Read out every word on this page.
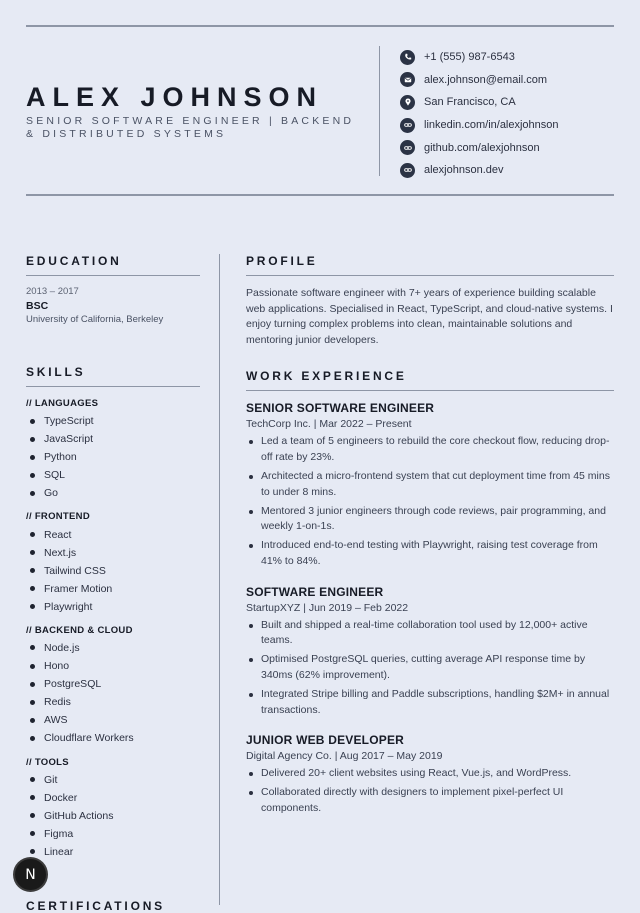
ALEX JOHNSON
SENIOR SOFTWARE ENGINEER | BACKEND & DISTRIBUTED SYSTEMS
+1 (555) 987-6543
alex.johnson@email.com
San Francisco, CA
linkedin.com/in/alexjohnson
github.com/alexjohnson
alexjohnson.dev
EDUCATION
2013 – 2017
BSC
University of California, Berkeley
SKILLS
// LANGUAGES
TypeScript
JavaScript
Python
SQL
Go
// FRONTEND
React
Next.js
Tailwind CSS
Framer Motion
Playwright
// BACKEND & CLOUD
Node.js
Hono
PostgreSQL
Redis
AWS
Cloudflare Workers
// TOOLS
Git
Docker
GitHub Actions
Figma
Linear
PROFILE

Passionate software engineer with 7+ years of experience building scalable web applications. Specialised in React, TypeScript, and cloud-native systems. I enjoy turning complex problems into clean, maintainable solutions and mentoring junior developers.

WORK EXPERIENCE
SENIOR SOFTWARE ENGINEER
TechCorp Inc. | Mar 2022 – Present
Led a team of 5 engineers to rebuild the core checkout flow, reducing drop-off rate by 23%.
Architected a micro-frontend system that cut deployment time from 45 mins to under 8 mins.
Mentored 3 junior engineers through code reviews, pair programming, and weekly 1-on-1s.
Introduced end-to-end testing with Playwright, raising test coverage from 41% to 84%.
SOFTWARE ENGINEER
StartupXYZ | Jun 2019 – Feb 2022
Built and shipped a real-time collaboration tool used by 12,000+ active teams.
Optimised PostgreSQL queries, cutting average API response time by 340ms (62% improvement).
Integrated Stripe billing and Paddle subscriptions, handling $2M+ in annual transactions.
JUNIOR WEB DEVELOPER
Digital Agency Co. | Aug 2017 – May 2019
Delivered 20+ client websites using React, Vue.js, and WordPress.
Collaborated directly with designers to implement pixel-perfect UI components.
CERTIFICATIONS
N
